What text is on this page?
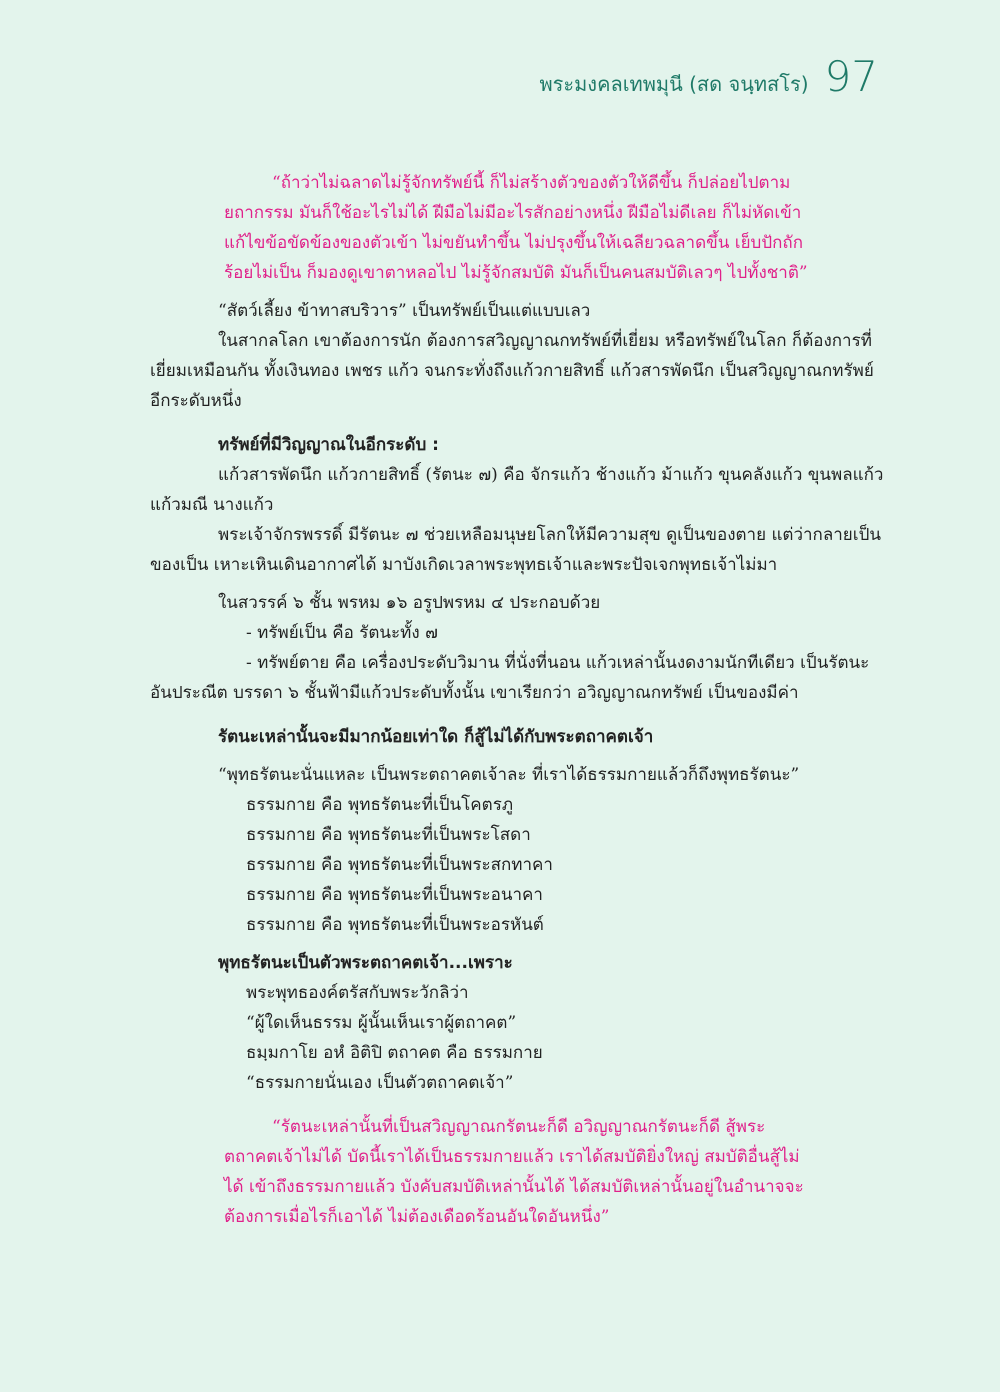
พระมงคลเทพมุนี (สด จนฺทสโร) 97

“ถ้าว่าไม่ฉลาดไม่รู้จักทรัพย์นี้ ก็ไม่สร้างตัวของตัวให้ดีขึ้น ก็ปล่อยไปตามยถากรรม มันก็ใช้อะไรไม่ได้ ฝีมือไม่มีอะไรสักอย่างหนึ่ง ฝีมือไม่ดีเลย ก็ไม่หัดเข้าแก้ไขข้อขัดข้องของตัวเข้า ไม่ขยันทำขึ้น ไม่ปรุงขึ้นให้เฉลียวฉลาดขึ้น เย็บปักถักร้อยไม่เป็น ก็มองดูเขาตาหลอไป ไม่รู้จักสมบัติ มันก็เป็นคนสมบัติเลวๆ ไปทั้งชาติ”

“สัตว์เลี้ยง ข้าทาสบริวาร” เป็นทรัพย์เป็นแต่แบบเลว

ในสากลโลก เขาต้องการนัก ต้องการสวิญญาณกทรัพย์ที่เยี่ยม หรือทรัพย์ในโลก ก็ต้องการที่ เยี่ยมเหมือนกัน ทั้งเงินทอง เพชร แก้ว จนกระทั่งถึงแก้วกายสิทธิ์ แก้วสารพัดนึก เป็นสวิญญาณกทรัพย์ อีกระดับหนึ่ง

ทรัพย์ที่มีวิญญาณในอีกระดับ :

แก้วสารพัดนึก แก้วกายสิทธิ์ (รัตนะ ๗) คือ จักรแก้ว ช้างแก้ว ม้าแก้ว ขุนคลังแก้ว ขุนพลแก้ว แก้วมณี นางแก้ว

พระเจ้าจักรพรรดิ์ มีรัตนะ ๗ ช่วยเหลือมนุษยโลกให้มีความสุข ดูเป็นของตาย แต่ว่ากลายเป็นของเป็น เหาะเหินเดินอากาศได้ มาบังเกิดเวลาพระพุทธเจ้าและพระปัจเจกพุทธเจ้าไม่มา

ในสวรรค์ ๖ ชั้น พรหม ๑๖ อรูปพรหม ๔ ประกอบด้วย

- ทรัพย์เป็น คือ รัตนะทั้ง ๗

- ทรัพย์ตาย คือ เครื่องประดับวิมาน ที่นั่งที่นอน แก้วเหล่านั้นงดงามนักทีเดียว เป็นรัตนะอันประณีต บรรดา ๖ ชั้นฟ้ามีแก้วประดับทั้งนั้น เขาเรียกว่า อวิญญาณกทรัพย์ เป็นของมีค่า

รัตนะเหล่านั้นจะมีมากน้อยเท่าใด ก็สู้ไม่ได้กับพระตถาคตเจ้า

“พุทธรัตนะนั่นแหละ เป็นพระตถาคตเจ้าละ ที่เราได้ธรรมกายแล้วก็ถึงพุทธรัตนะ”

ธรรมกาย คือ พุทธรัตนะที่เป็นโคตรภู

ธรรมกาย คือ พุทธรัตนะที่เป็นพระโสดา

ธรรมกาย คือ พุทธรัตนะที่เป็นพระสกทาคา

ธรรมกาย คือ พุทธรัตนะที่เป็นพระอนาคา

ธรรมกาย คือ พุทธรัตนะที่เป็นพระอรหันต์

พุทธรัตนะเป็นตัวพระตถาคตเจ้า...เพราะ

พระพุทธองค์ตรัสกับพระวักลิว่า

“ผู้ใดเห็นธรรม ผู้นั้นเห็นเราผู้ตถาคต”

ธมฺมกาโย อหํ อิติปิ ตถาคต คือ ธรรมกาย

“ธรรมกายนั่นเอง เป็นตัวตถาคตเจ้า”

“รัตนะเหล่านั้นที่เป็นสวิญญาณกรัตนะก็ดี อวิญญาณกรัตนะก็ดี สู้พระตถาคตเจ้าไม่ได้ บัดนี้เราได้เป็นธรรมกายแล้ว เราได้สมบัติยิ่งใหญ่ สมบัติอื่นสู้ไม่ได้ เข้าถึงธรรมกายแล้ว บังคับสมบัติเหล่านั้นได้ ได้สมบัติเหล่านั้นอยู่ในอำนาจจะต้องการเมื่อไรก็เอาได้ ไม่ต้องเดือดร้อนอันใดอันหนึ่ง”
